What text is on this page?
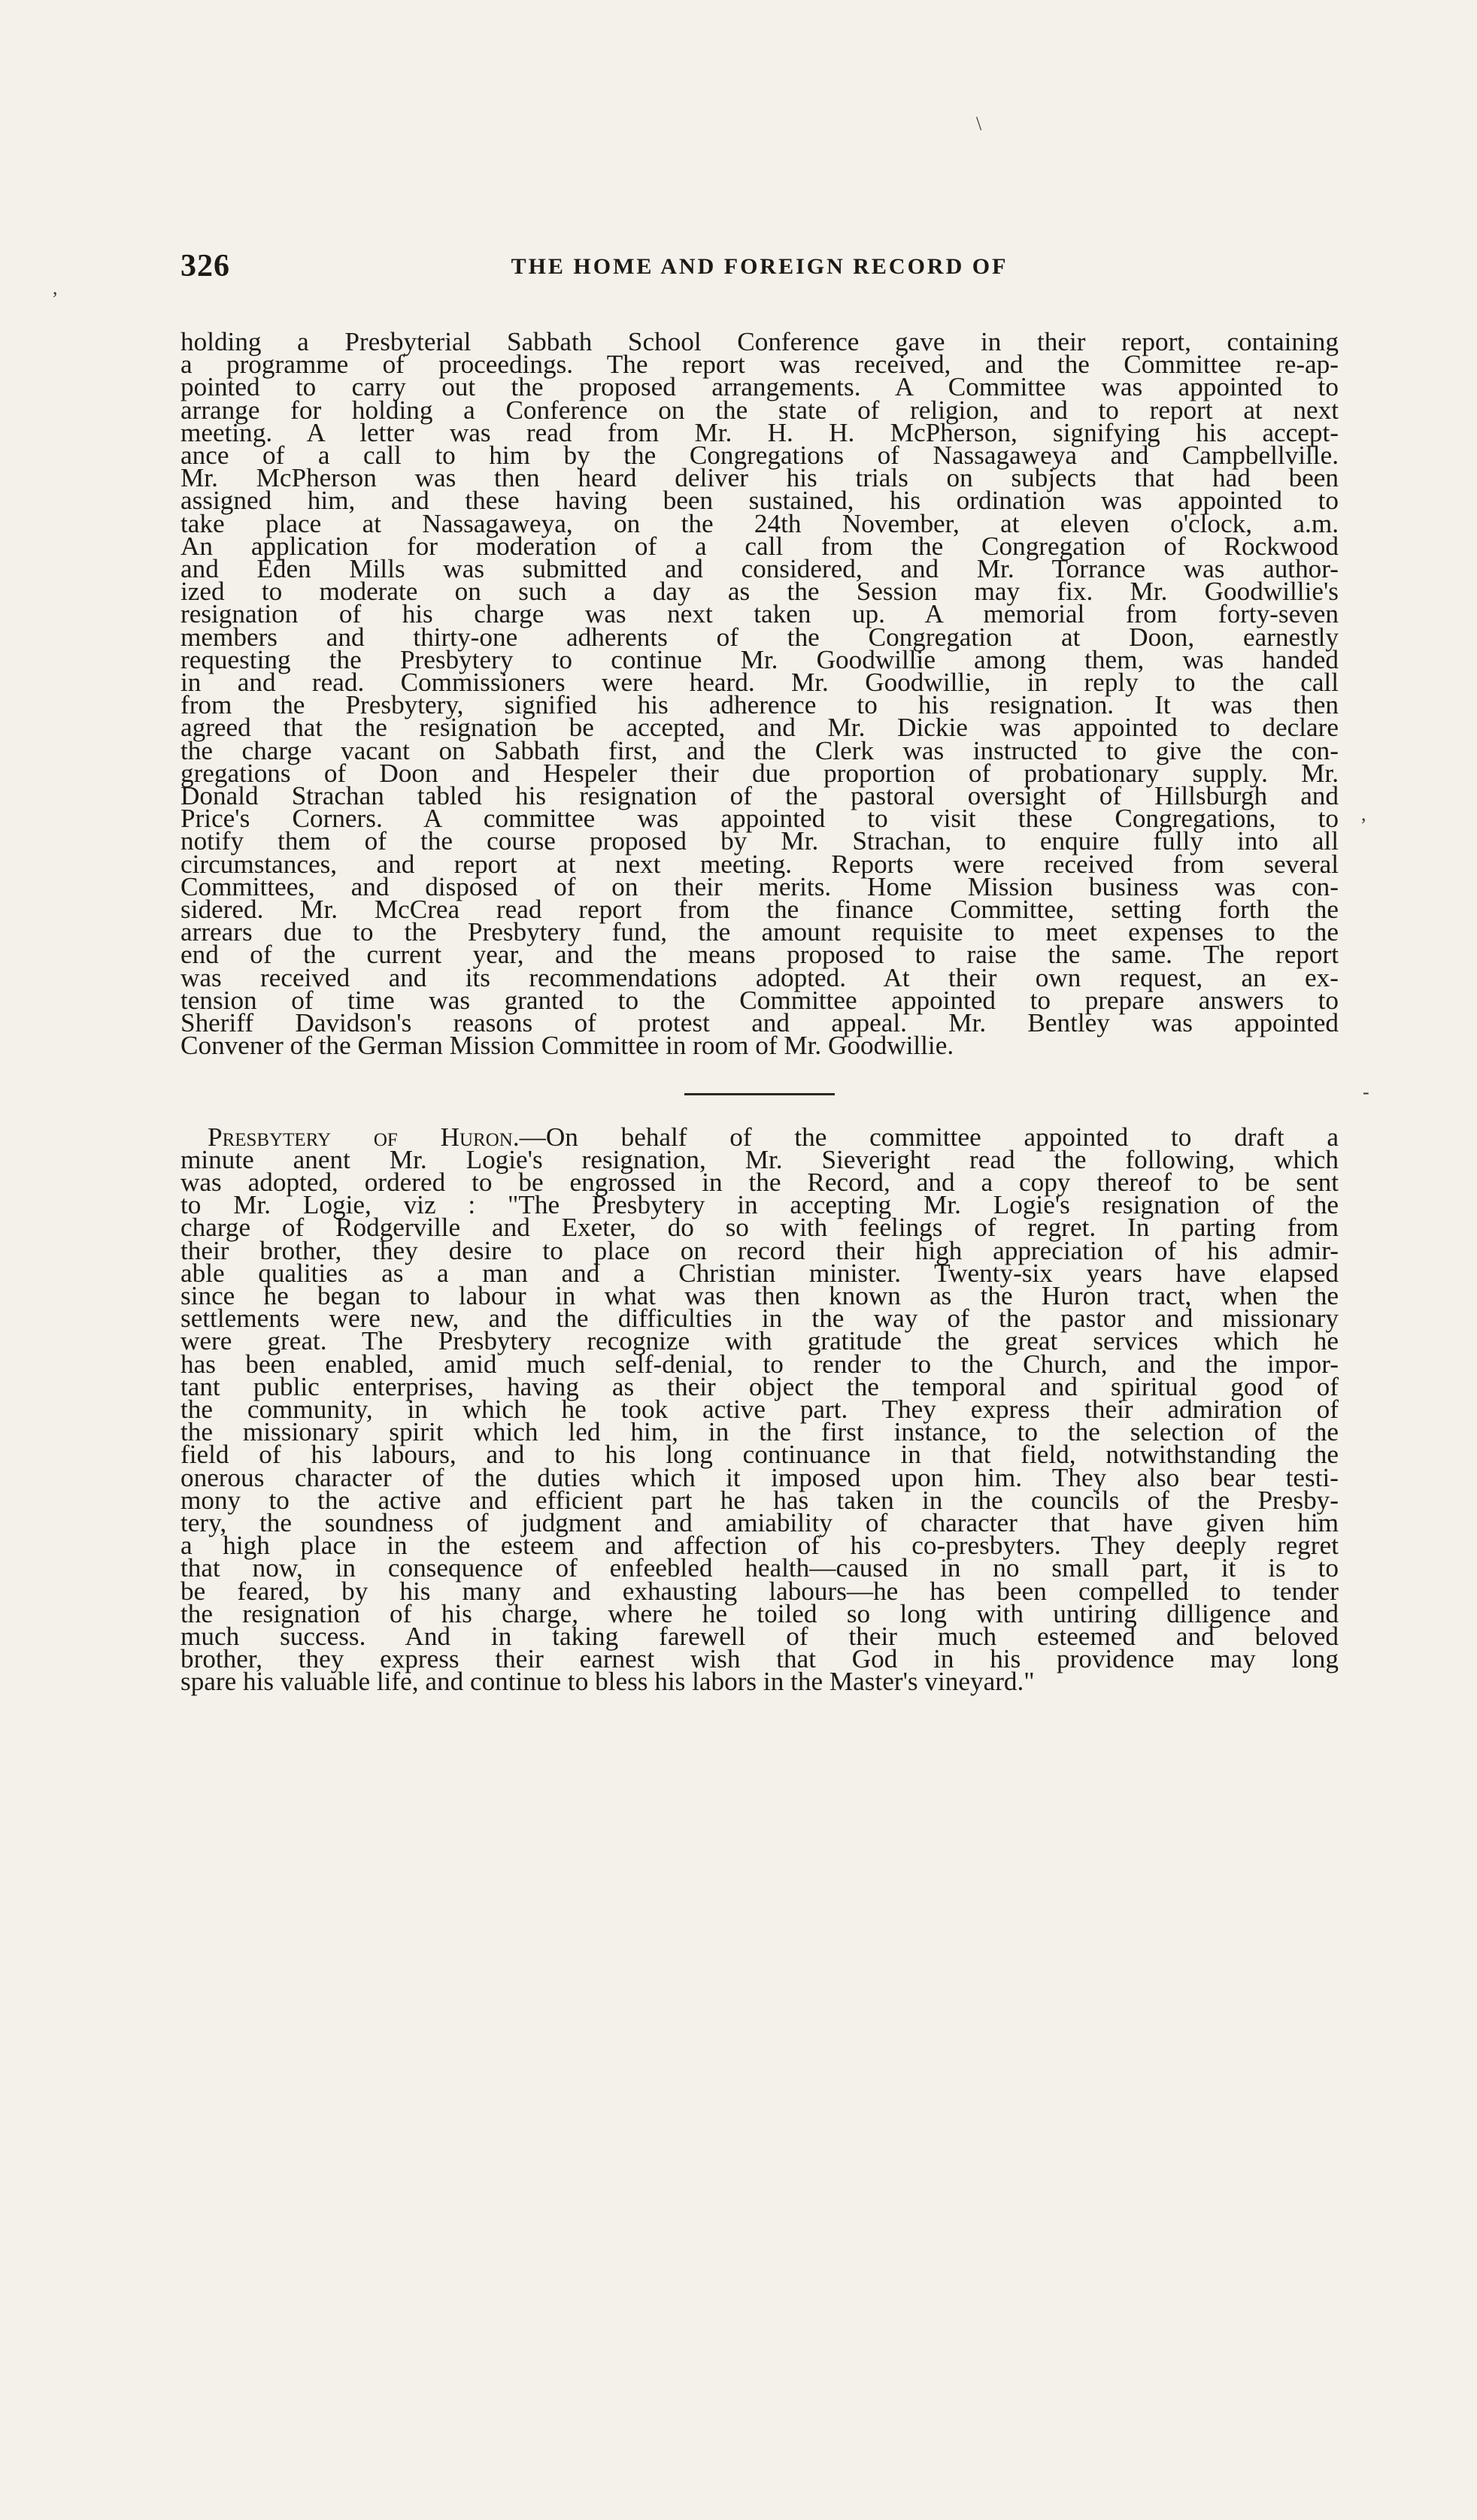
\
,
,
-
326	THE HOME AND FOREIGN RECORD OF
holding a Presbyterial Sabbath School Conference gave in their report, containing
a programme of proceedings. The report was received, and the Committee re-ap-
pointed to carry out the proposed arrangements. A Committee was appointed to
arrange for holding a Conference on the state of religion, and to report at next
meeting. A letter was read from Mr. H. H. McPherson, signifying his accept-
ance of a call to him by the Congregations of Nassagaweya and Campbellville.
Mr. McPherson was then heard deliver his trials on subjects that had been
assigned him, and these having been sustained, his ordination was appointed to
take place at Nassagaweya, on the 24th November, at eleven o'clock, a.m.
An application for moderation of a call from the Congregation of Rockwood
and Eden Mills was submitted and considered, and Mr. Torrance was author-
ized to moderate on such a day as the Session may fix. Mr. Goodwillie's
resignation of his charge was next taken up. A memorial from forty-seven
members and thirty-one adherents of the Congregation at Doon, earnestly
requesting the Presbytery to continue Mr. Goodwillie among them, was handed
in and read. Commissioners were heard. Mr. Goodwillie, in reply to the call
from the Presbytery, signified his adherence to his resignation. It was then
agreed that the resignation be accepted, and Mr. Dickie was appointed to declare
the charge vacant on Sabbath first, and the Clerk was instructed to give the con-
gregations of Doon and Hespeler their due proportion of probationary supply. Mr.
Donald Strachan tabled his resignation of the pastoral oversight of Hillsburgh and
Price's Corners. A committee was appointed to visit these Congregations, to
notify them of the course proposed by Mr. Strachan, to enquire fully into all
circumstances, and report at next meeting. Reports were received from several
Committees, and disposed of on their merits. Home Mission business was con-
sidered. Mr. McCrea read report from the finance Committee, setting forth the
arrears due to the Presbytery fund, the amount requisite to meet expenses to the
end of the current year, and the means proposed to raise the same. The report
was received and its recommendations adopted. At their own request, an ex-
tension of time was granted to the Committee appointed to prepare answers to
Sheriff Davidson's reasons of protest and appeal. Mr. Bentley was appointed
Convener of the German Mission Committee in room of Mr. Goodwillie.
Presbytery of Huron.—On behalf of the committee appointed to draft a
minute anent Mr. Logie's resignation, Mr. Sieveright read the following, which
was adopted, ordered to be engrossed in the Record, and a copy thereof to be sent
to Mr. Logie, viz : "The Presbytery in accepting Mr. Logie's resignation of the
charge of Rodgerville and Exeter, do so with feelings of regret. In parting from
their brother, they desire to place on record their high appreciation of his admir-
able qualities as a man and a Christian minister. Twenty-six years have elapsed
since he began to labour in what was then known as the Huron tract, when the
settlements were new, and the difficulties in the way of the pastor and missionary
were great. The Presbytery recognize with gratitude the great services which he
has been enabled, amid much self-denial, to render to the Church, and the impor-
tant public enterprises, having as their object the temporal and spiritual good of
the community, in which he took active part. They express their admiration of
the missionary spirit which led him, in the first instance, to the selection of the
field of his labours, and to his long continuance in that field, notwithstanding the
onerous character of the duties which it imposed upon him. They also bear testi-
mony to the active and efficient part he has taken in the councils of the Presby-
tery, the soundness of judgment and amiability of character that have given him
a high place in the esteem and affection of his co-presbyters. They deeply regret
that now, in consequence of enfeebled health—caused in no small part, it is to
be feared, by his many and exhausting labours—he has been compelled to tender
the resignation of his charge, where he toiled so long with untiring dilligence and
much success. And in taking farewell of their much esteemed and beloved
brother, they express their earnest wish that God in his providence may long
spare his valuable life, and continue to bless his labors in the Master's vineyard."
